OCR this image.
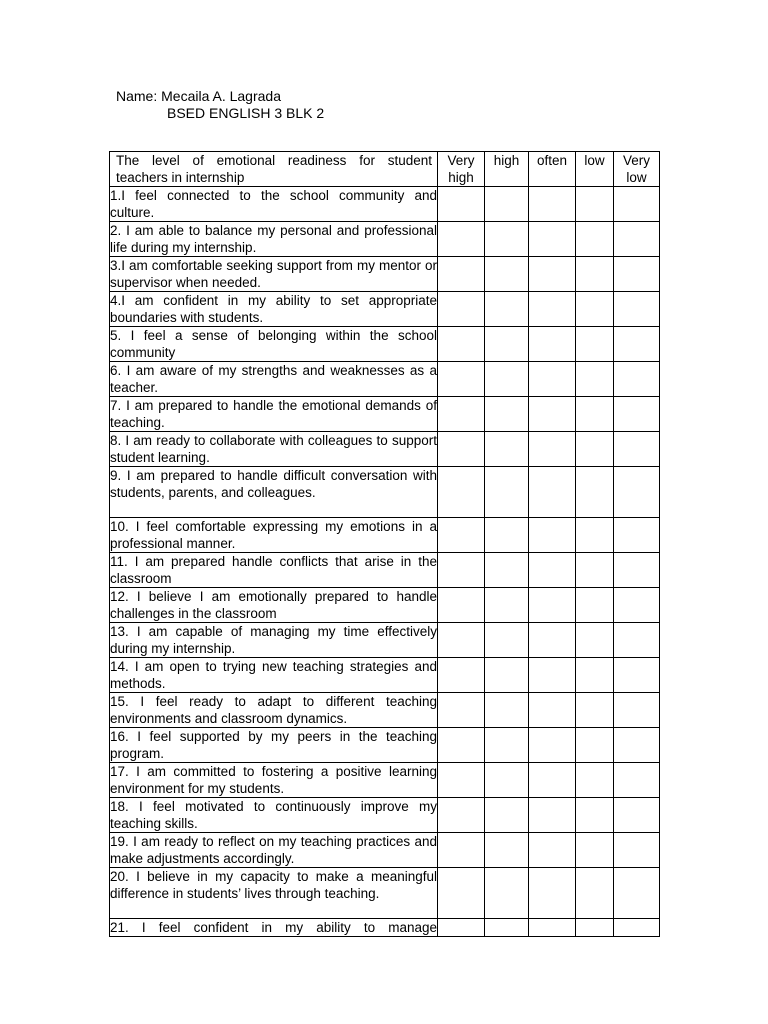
Name: Mecaila A. Lagrada
BSED ENGLISH 3 BLK 2
The level of emotional readiness for student teachers in internship	Very high	high	often	low	Very low
1.I feel connected to the school community and culture.					
2. I am able to balance my personal and professional life during my internship.					
3.I am comfortable seeking support from my mentor or supervisor when needed.					
4.I am confident in my ability to set appropriate boundaries with students.					
5. I feel a sense of belonging within the school community					
6. I am aware of my strengths and weaknesses as a teacher.					
7. I am prepared to handle the emotional demands of teaching.					
8. I am ready to collaborate with colleagues to support student learning.					
9. I am prepared to handle difficult conversation with students, parents, and colleagues.					
10. I feel comfortable expressing my emotions in a professional manner.					
11. I am prepared handle conflicts that arise in the classroom					
12. I believe I am emotionally prepared to handle challenges in the classroom					
13. I am capable of managing my time effectively during my internship.					
14. I am open to trying new teaching strategies and methods.					
15. I feel ready to adapt to different teaching environments and classroom dynamics.					
16. I feel supported by my peers in the teaching program.					
17. I am committed to fostering a positive learning environment for my students.					
18. I feel motivated to continuously improve my teaching skills.					
19. I am ready to reflect on my teaching practices and make adjustments accordingly.					
20. I believe in my capacity to make a meaningful difference in students’ lives through teaching.					
21. I feel confident in my ability to manage					
